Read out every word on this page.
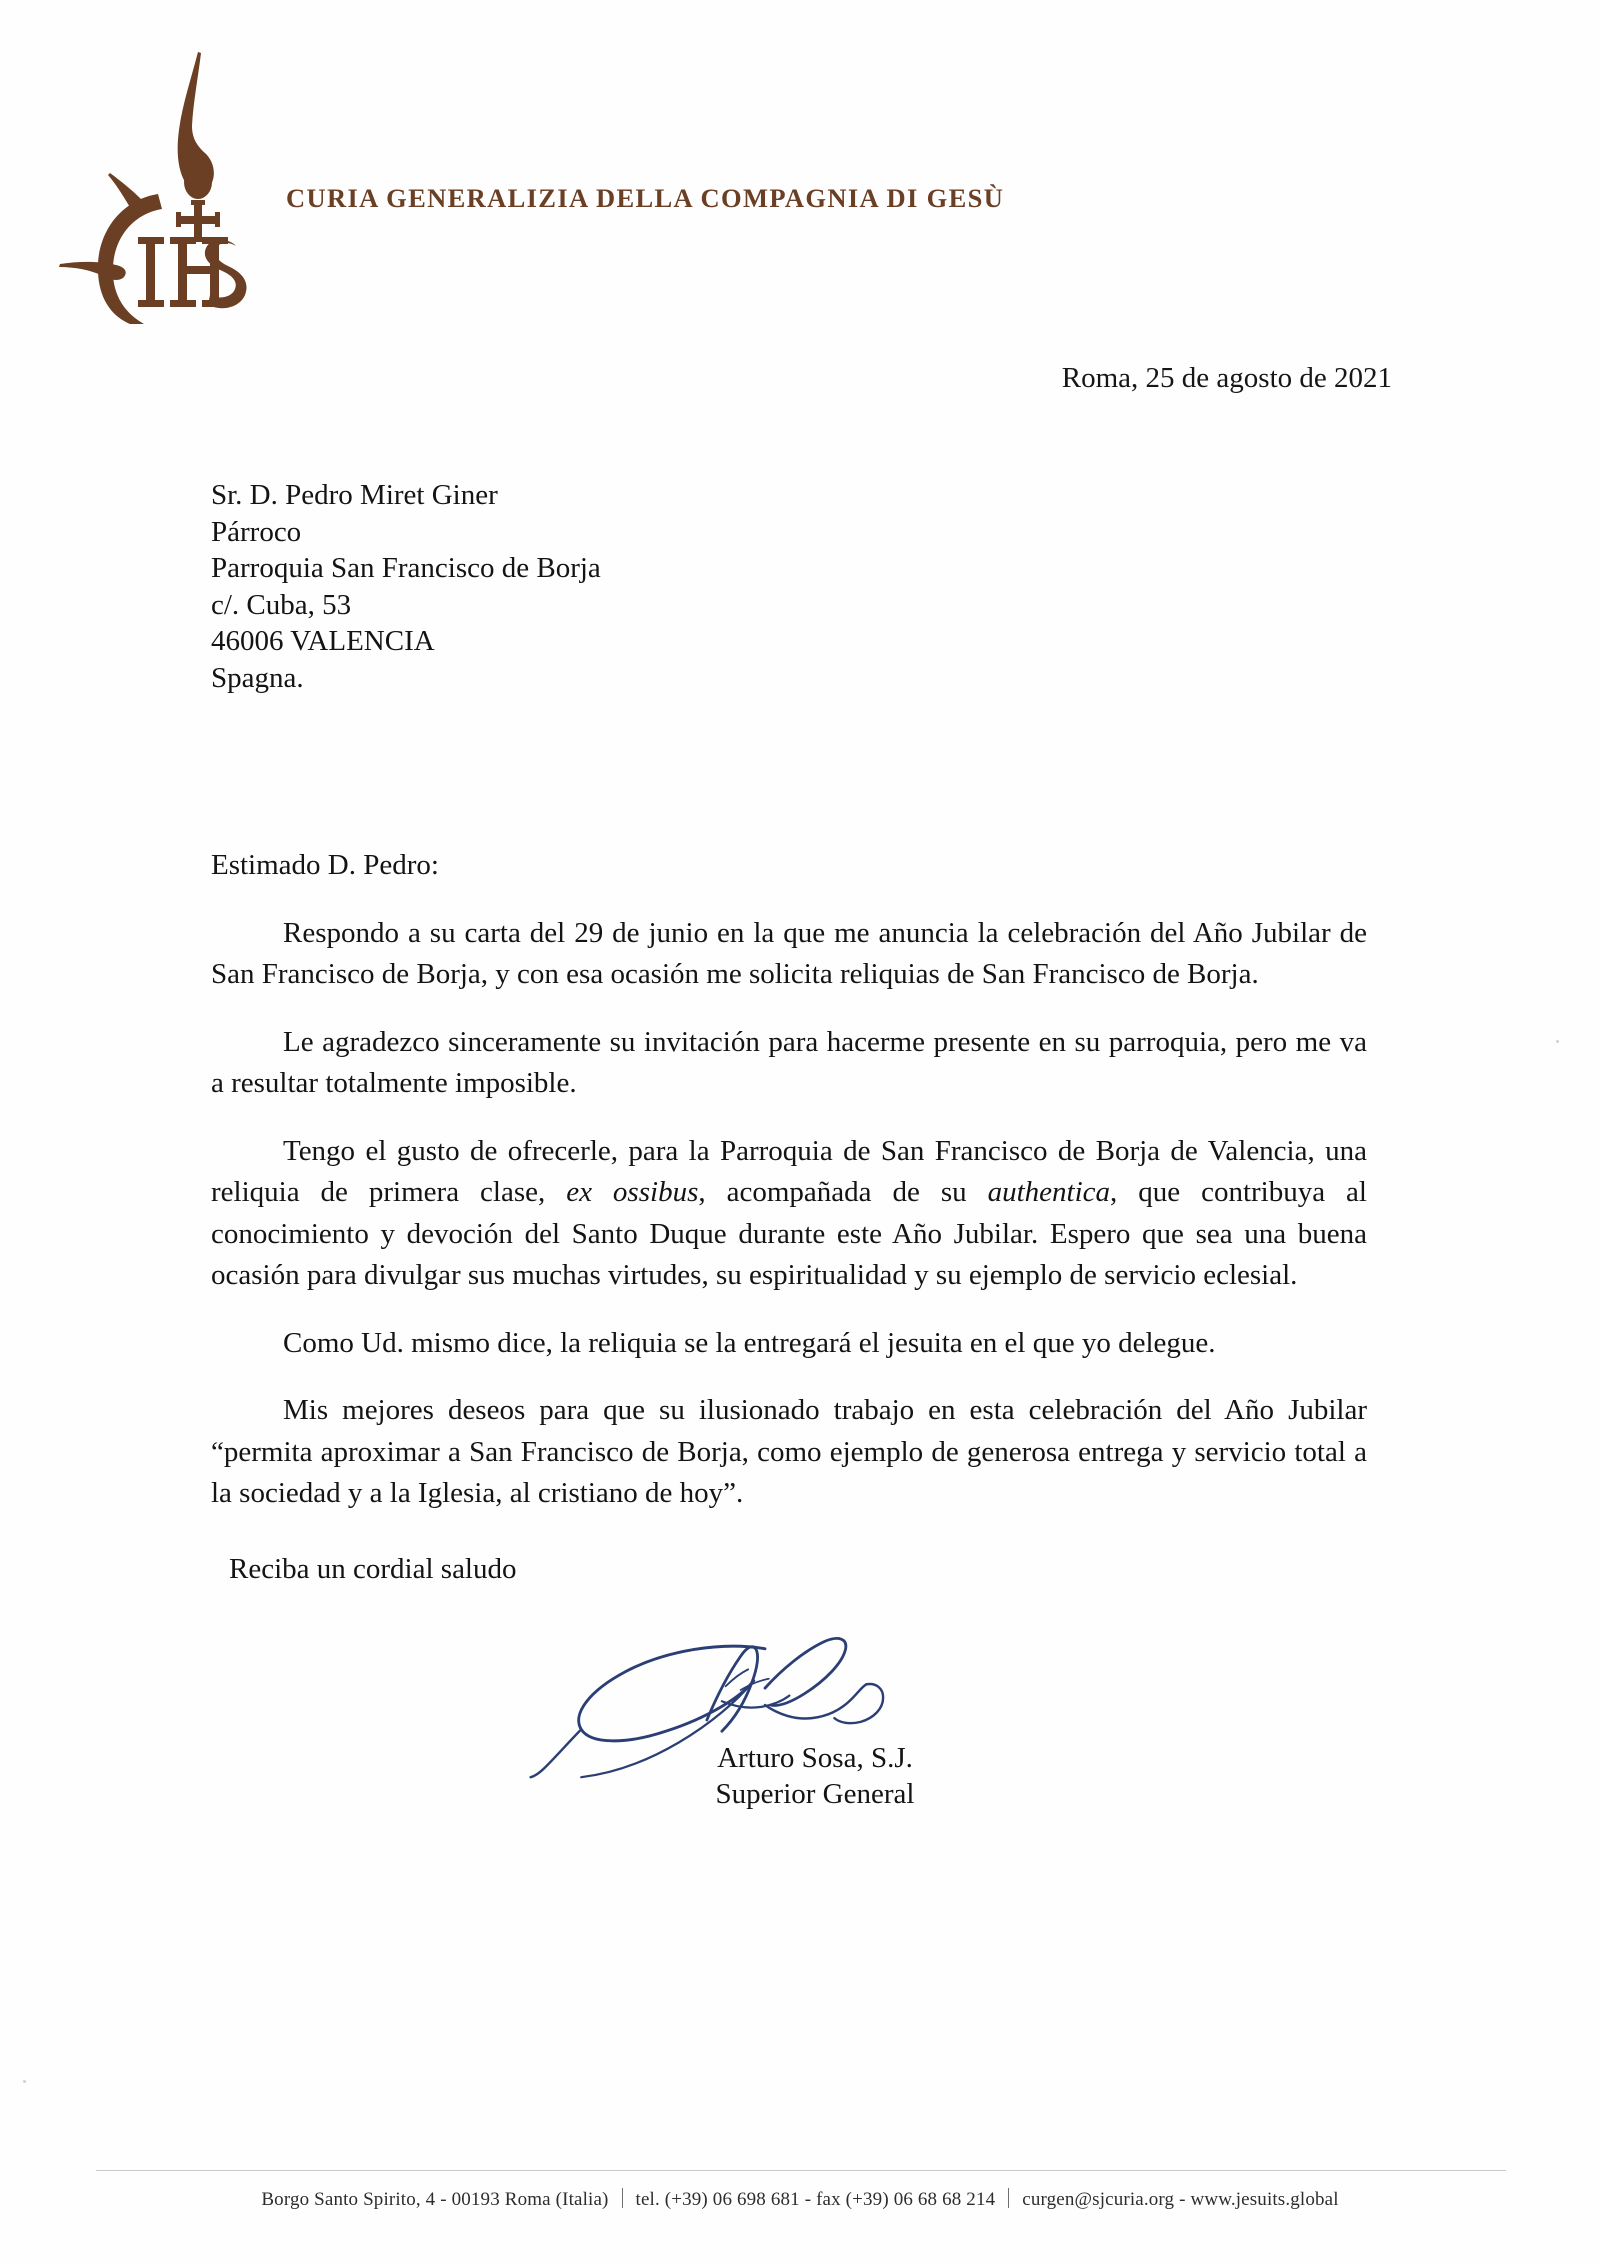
CURIA GENERALIZIA DELLA COMPAGNIA DI GESÙ
Roma, 25 de agosto de 2021
Sr. D. Pedro Miret Giner
Párroco
Parroquia San Francisco de Borja
c/. Cuba, 53
46006 VALENCIA
Spagna.
Estimado D. Pedro:

Respondo a su carta del 29 de junio en la que me anuncia la celebración del Año Jubilar de San Francisco de Borja, y con esa ocasión me solicita reliquias de San Francisco de Borja.

Le agradezco sinceramente su invitación para hacerme presente en su parroquia, pero me va a resultar totalmente imposible.

Tengo el gusto de ofrecerle, para la Parroquia de San Francisco de Borja de Valencia, una reliquia de primera clase, ex ossibus, acompañada de su authentica, que contribuya al conocimiento y devoción del Santo Duque durante este Año Jubilar. Espero que sea una buena ocasión para divulgar sus muchas virtudes, su espiritualidad y su ejemplo de servicio eclesial.

Como Ud. mismo dice, la reliquia se la entregará el jesuita en el que yo delegue.

Mis mejores deseos para que su ilusionado trabajo en esta celebración del Año Jubilar “permita aproximar a San Francisco de Borja, como ejemplo de generosa entrega y servicio total a la sociedad y a la Iglesia, al cristiano de hoy”.

Reciba un cordial saludo

Arturo Sosa, S.J.
Superior General
Borgo Santo Spirito, 4 - 00193 Roma (Italia) tel. (+39) 06 698 681 - fax (+39) 06 68 68 214 curgen@sjcuria.org - www.jesuits.global
